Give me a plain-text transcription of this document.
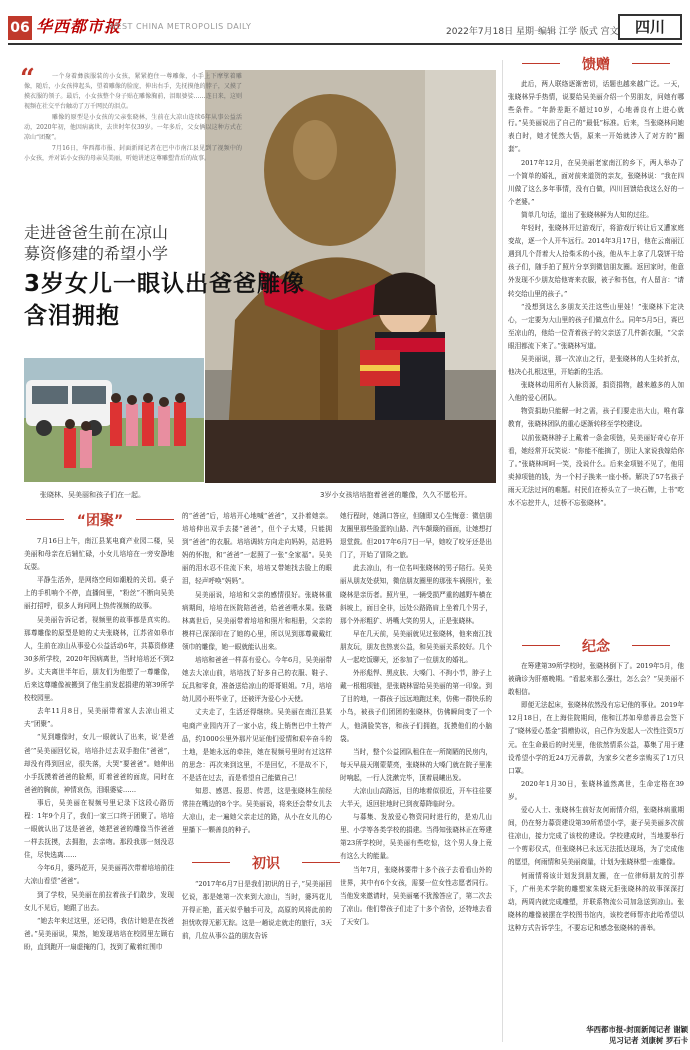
06 华西都市报
WEST CHINA METROPOLIS DAILY
2022年7月18日 星期一
编辑 江学 版式 宫文	四川
“	一个身着彝族服装的小女孩，紧紧抱住一尊雕像，小手上下摩挲着雕像，随后，小女孩抑起头，望着雕像的脸庞，伸出右手，先抚摸他的脖子，又摸了摸衣服的领子。最后，小女孩整个身子贴在雕像胸前，泪眼婆娑……连日来，这则视频在社交平台触动了万千网民的泪点。

雕像的原型是小女孩的父亲张晓林，生前在大凉山连续6年从事公益活动，2020年初，他因病离世，去世时年仅39岁。一年多后，父女俩以这种方式在凉山“团聚”。

7月16日，华西都市报、封面新闻记者在巴中市南江县见到了视频中的小女孩，并对话小女孩的母亲吴美丽，听她讲述这尊雕塑背后的故事。

走进爸爸生前在凉山
募资修建的希望小学
3岁女儿一眼认出爸爸雕像
含泪拥抱
张晓林、吴美丽和孩子们在一起。	3岁小女孩培培抱着爸爸的雕像，久久不愿松开。
“团聚”
初识
馈赠
纪念

7月16日上午，南江县某电商产业园二楼，吴美丽和母亲在后辅忙碌，小女儿培培在一旁安静地玩耍。

平静生活外，是网络空间如潮般的关切。桌子上的手机响个不停，直播间里，“粉丝”不断向吴美丽打招呼，很多人询问网上热传视频的故事。

吴美丽告诉记者，视频里的故事都是真实的。那尊雕像的原型是她的丈夫张晓林，江苏省如皋市人，生前在凉山从事爱心公益活动6年，共募资修建30多所学校，2020年因病离世，当时培培还不到2岁。丈夫离世半年后，朋友们为他塑了一尊雕像，后来这尊雕像被搬到了他生前发起捐建的第39所学校校园里。

去年11月8日，吴美丽带着家人去凉山祖丈夫“团聚”。

“见到雕像时，女儿一眼就认了出来，说‘是爸爸’”吴美丽回忆说，培培扑过去双手抱住“爸爸”，却没有得到回应，很失落，大哭“要爸爸”。她伸出小手抚摸着爸爸的脸颊，盯着爸爸的面庞，同时在爸爸的胸前，神情哀伤，泪眼婆娑……

事后，吴美丽在视频号里记录下这段心路历程：1年9个月了，我们一家三口终于团聚了。培培一眼就认出了这是爸爸，她把爸爸的雕像当作爸爸一样去抚摸，去拥抱，去亲吻。那段我那一刻没忍住，尽快选离……

今年6月，婆玛花开，吴美丽再次带着培培前往大凉山看望“爸爸”。

到了学校，吴美丽在前拉着孩子们散步，发现女儿不见后，她跟了出去。

“她去年来过这里，还记得，我估计她是在找爸爸。”吴美丽说，果然，她发现培培在校园里左顾右盼，直到跑开一扇虚掩的门，找到了戴着红围巾

的“爸爸”后，培培开心地喊“爸爸”，又扑着她亲。培培伸出双手去搂“爸爸”，但个子太矮，只能拥到“爸爸”的衣服。培培调转方向走向妈妈，站进妈妈的怀抱，和“爸爸”一起照了一张“全家福”。吴美丽的泪水忍不住流下来，培培又带她找去脸上的眼泪，轻声呼唤“妈妈”。

吴美丽说，培培和父亲的感情很好。张晓林重病期间，培培在医院陪爸爸，给爸爸喂水果。张晓林离世后，吴美丽带着培培和照片和相册，父亲的模样已深深印在了她的心里，所以见到那尊戴戴红领巾的雕像，她一眼就能认出来。

培培和爸爸一样喜有爱心。今年6月，吴美丽带她去大凉山前，培培找了好多自己的衣服、鞋子、玩具和零食，准备送给凉山的哥哥姐姐。7月，培培幼儿园小班毕业了，还被评为爱心小天使。

丈夫走了，生活还得继续。吴美丽在南江县某电商产业园内开了一家小店，线上销售巴中土特产品，约1000公里外那片见证他们爱情和艰辛奋斗的土地，是她永远的牵挂，她在视频号里时有过这样的思念：再次来到这里，不是回忆，不是故不下，不是活在过去，而是希望自己能做自己！

知恩、感恩、报恩、传恩，这是张晓林生前经常挂在嘴边的8个字。吴美丽说，将来还会带女儿去大凉山，走一遍她父亲走过的路，从小在女儿的心里播下一颗善良的种子。

“2017年6月7日是我们初识的日子，”吴美丽回忆说，那是她第一次来到大凉山，当时，婆玛花儿开得正艳，蓝天似乎触手可及，高原的风将此前的担忧吹得无影无踪。这是一趟说走就走的旅行，3天前，几位从事公益的朋友告诉

她行程时，她满口答应，但随即又心生悔意：微信朋友圈里那些脸蛋的山路、汽车颠簸的画面，让她想打退堂鼓。但2017年6月7日一早，她咬了咬牙还是出门了，开始了冒险之旅。

此去凉山，有一位名叫张晓林的男子陪行。吴美丽从朋友处获知，微信朋友圈里的那张车祸照片，张晓林是亲历者。照片里，一辆受损严重的越野车横在斜坡上，面目全非，远处公路路肩上坐着几个男子，那个外形粗犷、坍嘴大笑的男人，正是张晓林。

早在几天前，吴美丽就见过张晓林，他来南江找朋友玩，朋友也热衷公益，和吴美丽关系较好。几个人一起吃饭聊天，还参加了一位朋友的婚礼。

外形彪悍、黑皮肤、大嗓门、不拘小节，脖子上戴一根粗项链，是张晓林留给吴美丽的第一印象。到了目的地，一群孩子远远地跑过来，仿佛一群快乐的小鸟，被孩子们团团的张晓林，仿佛瞬间变了一个人，他满脸笑容，和孩子们拥抱，抚摸他们的小脑袋。

当时，整个公益团队租住在一所简陋的民房内，每天早晨天刚蒙蒙亮，张晓林的大嗓门就在院子里准时响起，一行人洗漱完毕，顶着晨曦出发。

大凉山山高路远，目的地着似很近，开车往往要大半天，返回驻地时已到夜幕降临时分。

与募集、发放爱心物资同时进行的，是劝几山里、小学等各类学校的捐建。当得知张晓林正在筹建第23所学校时，吴美丽有些吃惊，这个男人身上竟有这么大的能量。

当年7月，张晓林要带十多个孩子去看看山外的世界，其中有6个女孩，需要一位女性志愿者同行。当他发来邀请时，吴美丽毫不犹豫答应了，第二次去了凉山。他们带孩子们走了十多个省份，还特地去看了天安门。

此后，两人联络逐渐密切，话题也越来越广泛。一天，张晓林异手热情，说要给吴美丽介绍一个男朋友，问她有哪些条件。“年龄差距不超过10岁，心地善良有上进心就行。”吴美丽说出了自己的“最低”标准。后来，当张晓林问她表白时，她才恍然大悟，原来一开始就涉入了对方的“圈套”。

2017年12月，在吴美丽老家南江的乡下，两人举办了一个简单的婚礼，面对前来道贺的亲友，张晓林说：“我在四川做了这么多年事情，没有白做，四川回馈给我这么好的一个老婆。”

简单几句话，道出了张晓林鲜为人知的过往。

年轻时，张晓林开过游戏厅，将游戏厅转让后又遭家庭变故，逐一个人开车远行。2014年3月17日，他在云南丽江遇到几个背着大人拾柴禾的小孩，他从车上拿了几袋饼干给孩子们，随手拍了照片分享到微信朋友圈。返回家时，他意外发现不少朋友给他寄来衣服，被子和书包，有人留言：“请转交给山里的孩子。”

“没想到这么多朋友关注这些山里娃！”张晓林下定决心，一定要为大山里的孩子们做点什么。同年5月5日，赛巴至凉山的，他给一位背着孩子的父亲送了几件新衣服，“父亲眼泪都流下来了。”张晓林写道。

吴美丽说，那一次凉山之行，是张晓林的人生转折点，他决心扎根这里，开始新的生活。

张晓林动用所有人脉资源，捐资捐物，越来越多的人加入他的爱心团队。

物资捐助只能解一时之需，孩子们要走出大山，唯有靠教育，张晓林团队的重心逐渐转移至学校建设。

以前张晓林脖子上戴着一条金项链，吴美丽好奇心存开看，她经常开玩笑说：“你能不能摘了，别让人家说我嫁给你了。”张晓林呵呵一笑，没说什么。后来金项链不见了，他用卖掉项链的钱，为一个村子换来一座小桥。解决了57名孩子雨天无法过河的难题。村民们在桥头立了一块石牌，上书“吃水不忘挖井人，过桥不忘张晓林”。

在筹建第39所学校时，张晓林倒下了。2019年5月，他被确诊为肝癌晚期。“看起来那么强壮，怎么会？”吴美丽不敢相信。

即便无法起床，张晓林依然没有忘记他的事业。2019年12月18日，在上海住院期间，他和江苏如皋慈善总会签下了“晓林爱心基金”捐赠协议，自己作为发起人一次性注资5万元。在生命最后的时光里，他依然情系公益，募集了用于建设希望小学的近24万元善款，为家乡父老乡亲购买了1万只口罩。

2020年1月30日，张晓林溘然离世，生命定格在39岁。

爱心人士、张晓林生前好友何雨情介绍，张晓林病重期间，仍在努力募资建设第39所希望小学，妻子吴美丽多次前往凉山，接力完成了该校的建设。学校建成时，当地要举行一个剪彩仪式，但张晓林已永远无法抵达现场，为了完成他的愿望，何雨情和吴美丽商量，计划为张晓林塑一座雕像。

何雨情将该计划发到朋友圈，在一位律师朋友的引荐下，广州美术学院的雕塑家朱晓元拒张晓林的故事深深打动，两周内就完成雕塑，并联系物流公司加急送到凉山。张晓林的雕像被摆在学校图书馆内，该校老师帮亦此哈希望以这种方式告诉学生，不要忘记和感念张晓林的善举。

华西都市报-封面新闻记者 谢颖
见习记者 刘康树 罗石卡
